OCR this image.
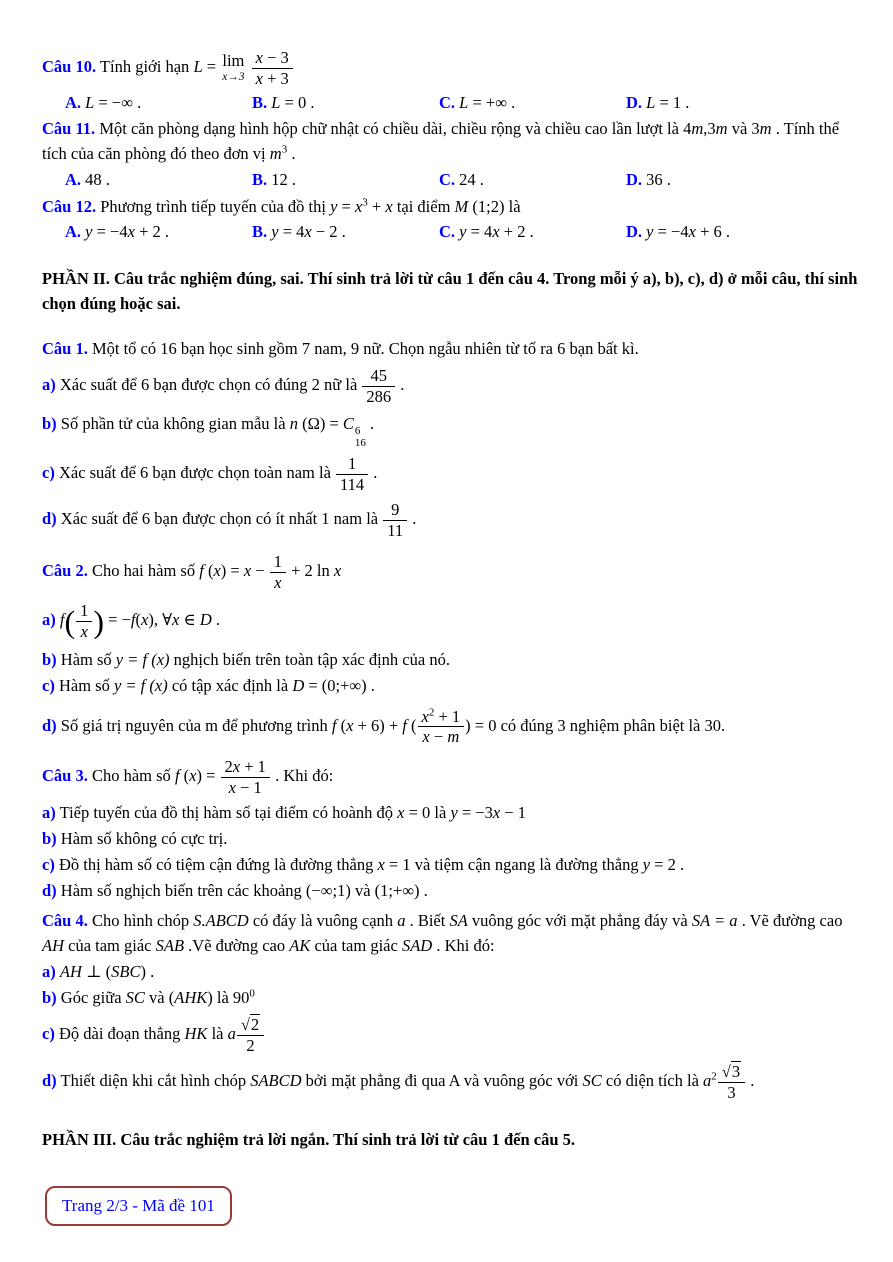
Câu 10. Tính giới hạn L = lim
x→3
$\frac{x - 3}{x + 3}$

A. L = −∞ .	B. L = 0 .	C. L = +∞ .	D. L = 1 .

Câu 11. Một căn phòng dạng hình hộp chữ nhật có chiều dài, chiều rộng và chiều cao lần lượt là 4m,3m và 3m . Tính thể tích của căn phòng đó theo đơn vị $m^3$ .

A. 48 .	B. 12 .	C. 24 .	D. 36 .

Câu 12. Phương trình tiếp tuyến của đồ thị $y = x^3 + x$ tại điểm M (1;2) là

A. y = −4x + 2 .	B. y = 4x − 2 .	C. y = 4x + 2 .	D. y = −4x + 6 .

PHẦN II. Câu trắc nghiệm đúng, sai. Thí sinh trả lời từ câu 1 đến câu 4. Trong mỗi ý a), b), c), d) ở mỗi câu, thí sinh chọn đúng hoặc sai.

Câu 1. Một tổ có 16 bạn học sinh gồm 7 nam, 9 nữ. Chọn ngẫu nhiên từ tổ ra 6 bạn bất kì.

a) Xác suất để 6 bạn được chọn có đúng 2 nữ là $\frac{45}{286}$ .

b) Số phần tử của không gian mẫu là n (Ω) = C 6
16
.

c) Xác suất để 6 bạn được chọn toàn nam là $\frac{1}{114}$ .

d) Xác suất để 6 bạn được chọn có ít nhất 1 nam là $\frac{9}{11}$ .

Câu 2. Cho hai hàm số f $(x) = x - \frac{1}{x} + 2$ ln x

a) $f( \frac{1}{x}$ ) = −f(x), ∀x ∈ D .

b) Hàm số y = f (x) nghịch biến trên toàn tập xác định của nó.

c) Hàm số y = f (x) có tập xác định là D = (0;+∞) .

d) Số giá trị nguyên của m để phương trình f (x + 6) + f ( $\frac{x^2 + 1}{x - m}$ ) = 0 có đúng 3 nghiệm phân biệt là 30.

Câu 3. Cho hàm số f $(x) = \frac{2x + 1}{x - 1}$ . Khi đó:

a) Tiếp tuyến của đồ thị hàm số tại điểm có hoành độ x = 0 là y = −3x − 1

b) Hàm số không có cực trị.

c) Đồ thị hàm số có tiệm cận đứng là đường thẳng x = 1 và tiệm cận ngang là đường thẳng y = 2 .

d) Hàm số nghịch biến trên các khoảng (−∞;1) và (1;+∞) .

Câu 4. Cho hình chóp S.ABCD có đáy là vuông cạnh a . Biết SA vuông góc với mặt phẳng đáy và SA = a . Vẽ đường cao AH của tam giác SAB .Vẽ đường cao AK của tam giác SAD . Khi đó:

a) AH ⊥ (SBC) .

b) Góc giữa SC và (AHK) là $90^0$

c) Độ dài đoạn thẳng HK là a $\frac{√2}{2}$

d) Thiết diện khi cắt hình chóp SABCD bởi mặt phẳng đi qua A và vuông góc với SC có diện tích là $a^2 \frac{√3}{3}$ .

PHẦN III. Câu trắc nghiệm trả lời ngắn. Thí sinh trả lời từ câu 1 đến câu 5.

Trang 2/3 - Mã đề 101
